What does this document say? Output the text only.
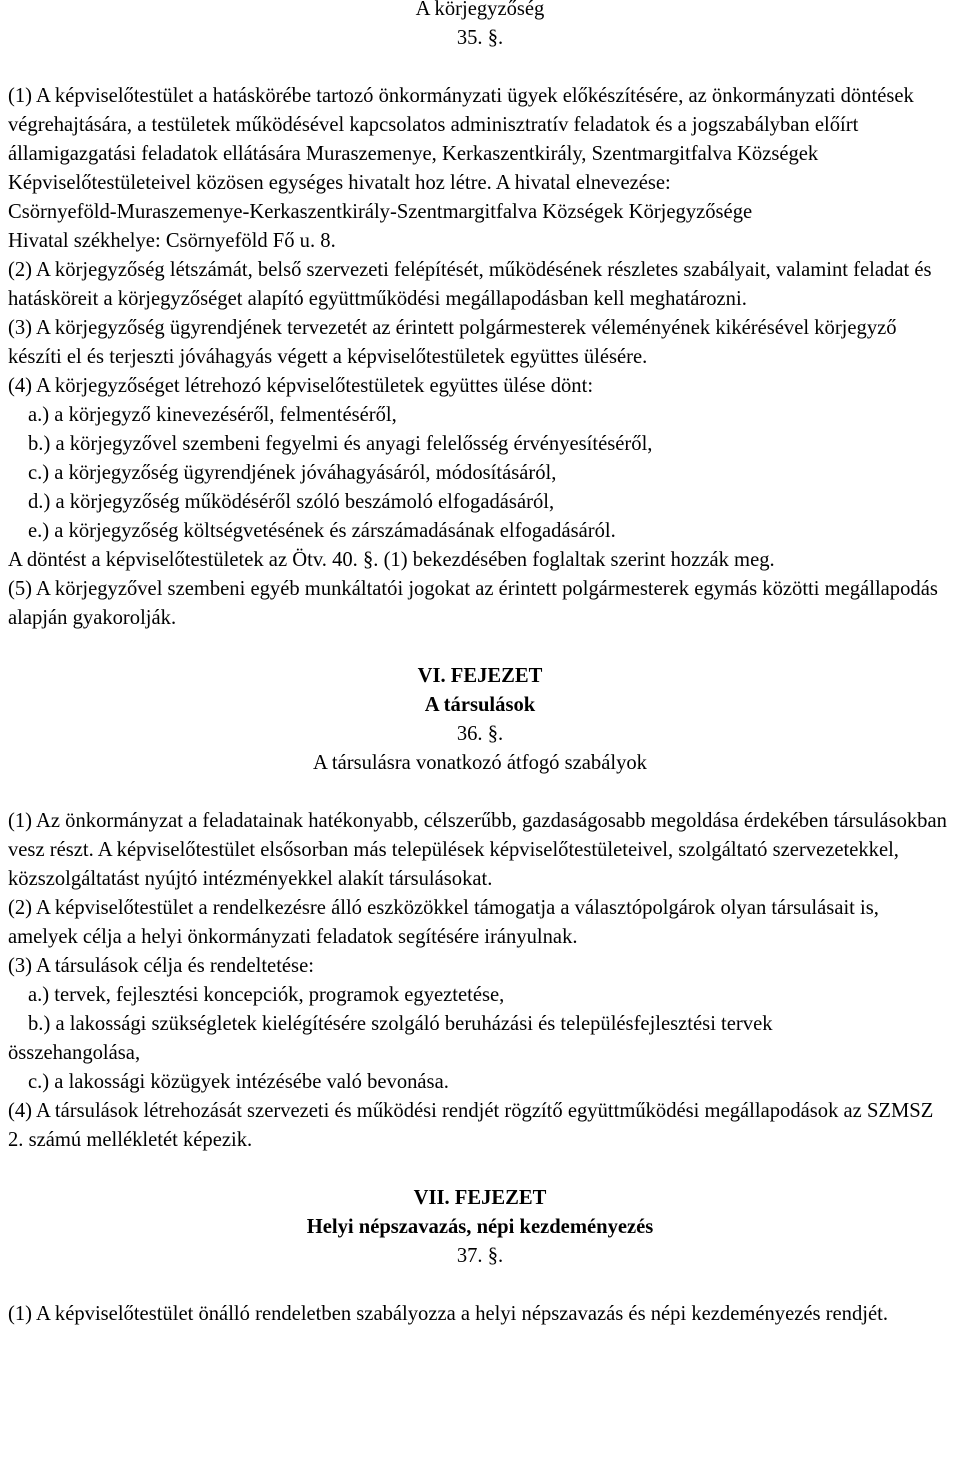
A körjegyzőség
35. §.

(1) A képviselőtestület a hatáskörébe tartozó önkormányzati ügyek előkészítésére, az önkormányzati döntések végrehajtására, a testületek működésével kapcsolatos adminisztratív feladatok és a jogszabályban előírt államigazgatási feladatok ellátására Muraszemenye, Kerkaszentkirály, Szentmargitfalva Községek Képviselőtestületeivel közösen egységes hivatalt hoz létre. A hivatal elnevezése:

Csörnyeföld-Muraszemenye-Kerkaszentkirály-Szentmargitfalva Községek Körjegyzősége

Hivatal székhelye: Csörnyeföld Fő u. 8.

(2) A körjegyzőség létszámát, belső szervezeti felépítését, működésének részletes szabályait, valamint feladat és hatásköreit a körjegyzőséget alapító együttműködési megállapodásban kell meghatározni.

(3) A körjegyzőség ügyrendjének tervezetét az érintett polgármesterek véleményének kikérésével körjegyző készíti el és terjeszti jóváhagyás végett a képviselőtestületek együttes ülésére.

(4) A körjegyzőséget létrehozó képviselőtestületek együttes ülése dönt:

a.) a körjegyző kinevezéséről, felmentéséről,

b.) a körjegyzővel szembeni fegyelmi és anyagi felelősség érvényesítéséről,

c.) a körjegyzőség ügyrendjének jóváhagyásáról, módosításáról,

d.) a körjegyzőség működéséről szóló beszámoló elfogadásáról,

e.) a körjegyzőség költségvetésének és zárszámadásának elfogadásáról.

A döntést a képviselőtestületek az Ötv. 40. §. (1) bekezdésében foglaltak szerint hozzák meg.

(5) A körjegyzővel szembeni egyéb munkáltatói jogokat az érintett polgármesterek egymás közötti megállapodás alapján gyakorolják.

VI. FEJEZET
A társulások
36. §.
A társulásra vonatkozó átfogó szabályok

(1) Az önkormányzat a feladatainak hatékonyabb, célszerűbb, gazdaságosabb megoldása érdekében társulásokban vesz részt. A képviselőtestület elsősorban más települések képviselőtestületeivel, szolgáltató szervezetekkel, közszolgáltatást nyújtó intézményekkel alakít társulásokat.

(2) A képviselőtestület a rendelkezésre álló eszközökkel támogatja a választópolgárok olyan társulásait is, amelyek célja a helyi önkormányzati feladatok segítésére irányulnak.

(3) A társulások célja és rendeltetése:

a.) tervek, fejlesztési koncepciók, programok egyeztetése,

b.) a lakossági szükségletek kielégítésére szolgáló beruházási és településfejlesztési tervek

összehangolása,

c.) a lakossági közügyek intézésébe való bevonása.

(4) A társulások létrehozását szervezeti és működési rendjét rögzítő együttműködési megállapodások az SZMSZ 2. számú mellékletét képezik.

VII. FEJEZET
Helyi népszavazás, népi kezdeményezés
37. §.

(1) A képviselőtestület önálló rendeletben szabályozza a helyi népszavazás és népi kezdeményezés rendjét.
